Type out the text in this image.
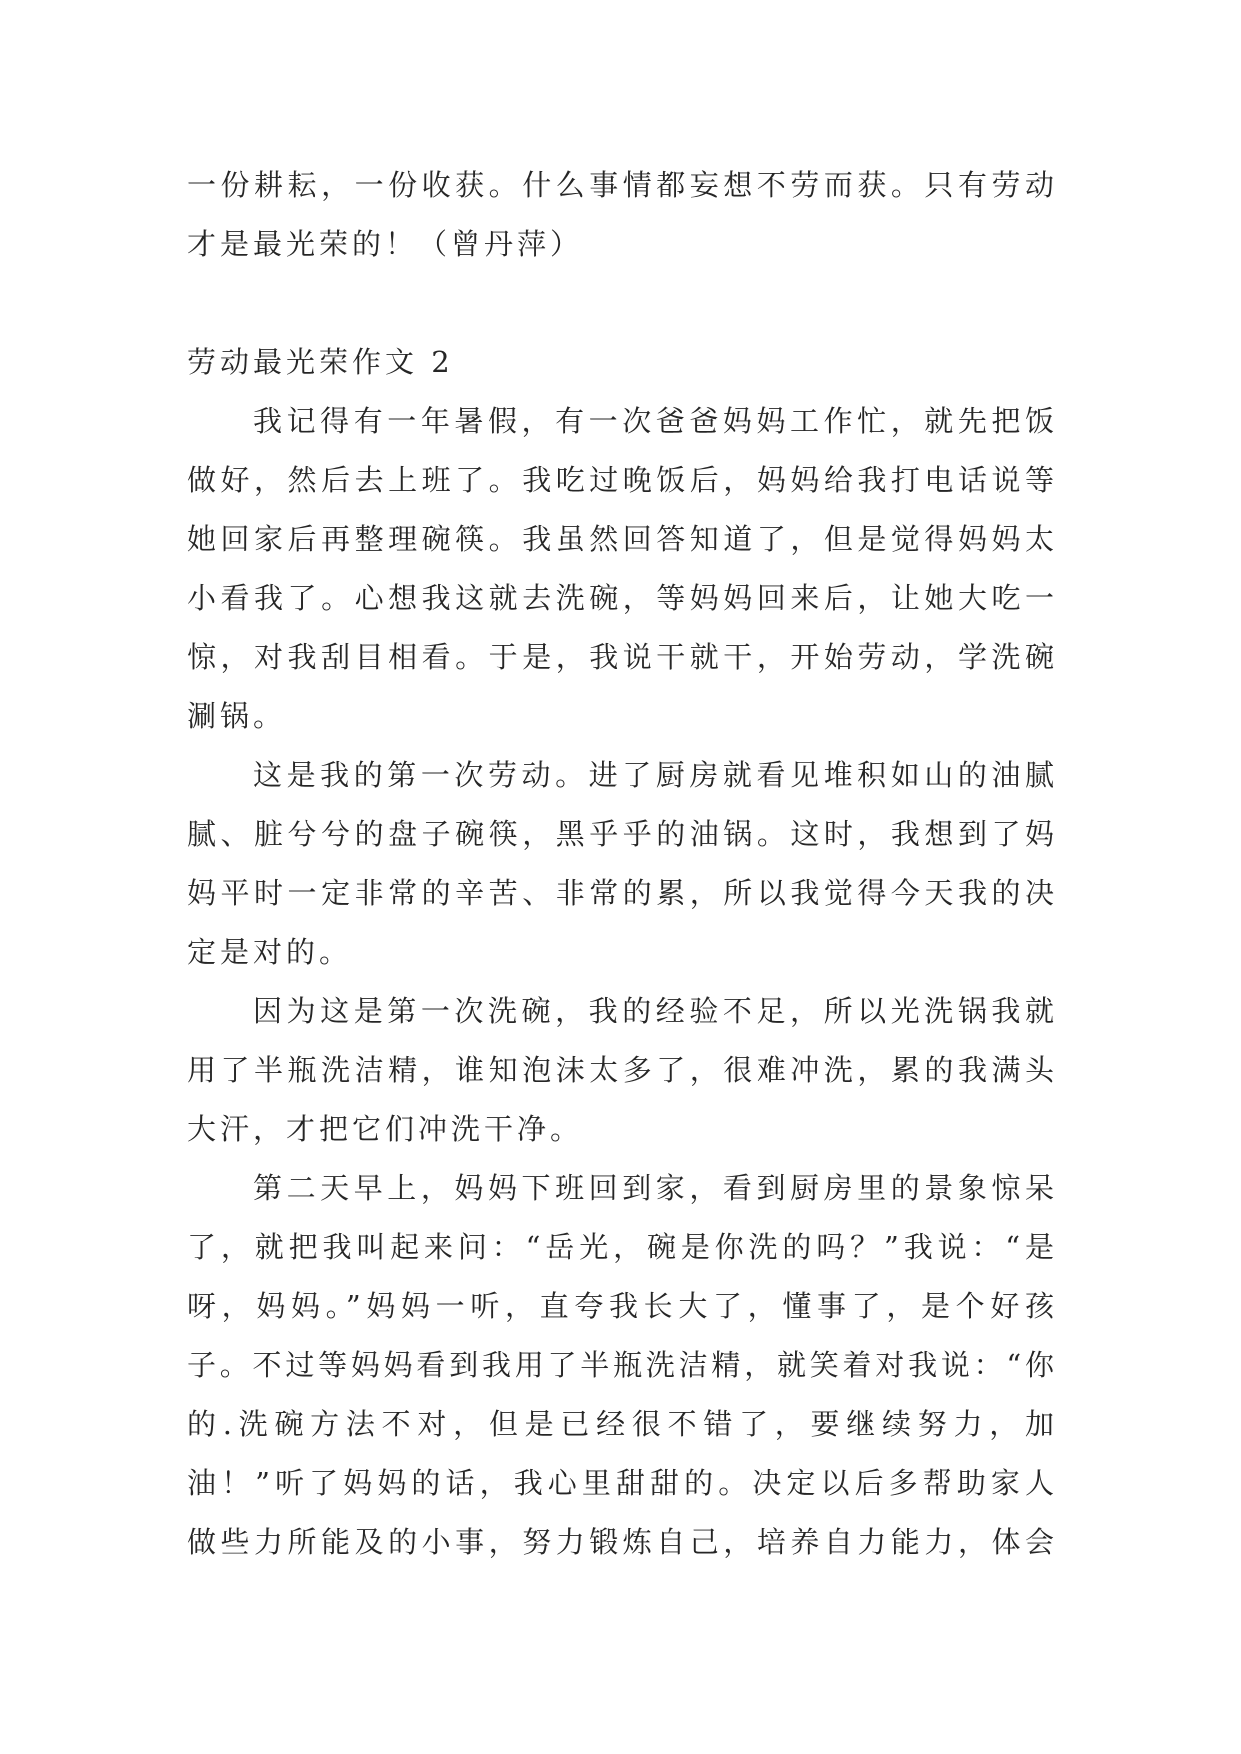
一份耕耘，一份收获。什么事情都妄想不劳而获。只有劳动
才是最光荣的！（曾丹萍）
劳动最光荣作文 2
我记得有一年暑假，有一次爸爸妈妈工作忙，就先把饭
做好，然后去上班了。我吃过晚饭后，妈妈给我打电话说等
她回家后再整理碗筷。我虽然回答知道了，但是觉得妈妈太
小看我了。心想我这就去洗碗，等妈妈回来后，让她大吃一
惊，对我刮目相看。于是，我说干就干，开始劳动，学洗碗
涮锅。
这是我的第一次劳动。进了厨房就看见堆积如山的油腻
腻、脏兮兮的盘子碗筷，黑乎乎的油锅。这时，我想到了妈
妈平时一定非常的辛苦、非常的累，所以我觉得今天我的决
定是对的。
因为这是第一次洗碗，我的经验不足，所以光洗锅我就
用了半瓶洗洁精，谁知泡沫太多了，很难冲洗，累的我满头
大汗，才把它们冲洗干净。
第二天早上，妈妈下班回到家，看到厨房里的景象惊呆
了，就把我叫起来问：“岳光，碗是你洗的吗？”我说：“是
呀，妈妈。”妈妈一听，直夸我长大了，懂事了，是个好孩
子。不过等妈妈看到我用了半瓶洗洁精，就笑着对我说：“你
的.洗碗方法不对，但是已经很不错了，要继续努力，加
油！”听了妈妈的话，我心里甜甜的。决定以后多帮助家人
做些力所能及的小事，努力锻炼自己，培养自力能力，体会
